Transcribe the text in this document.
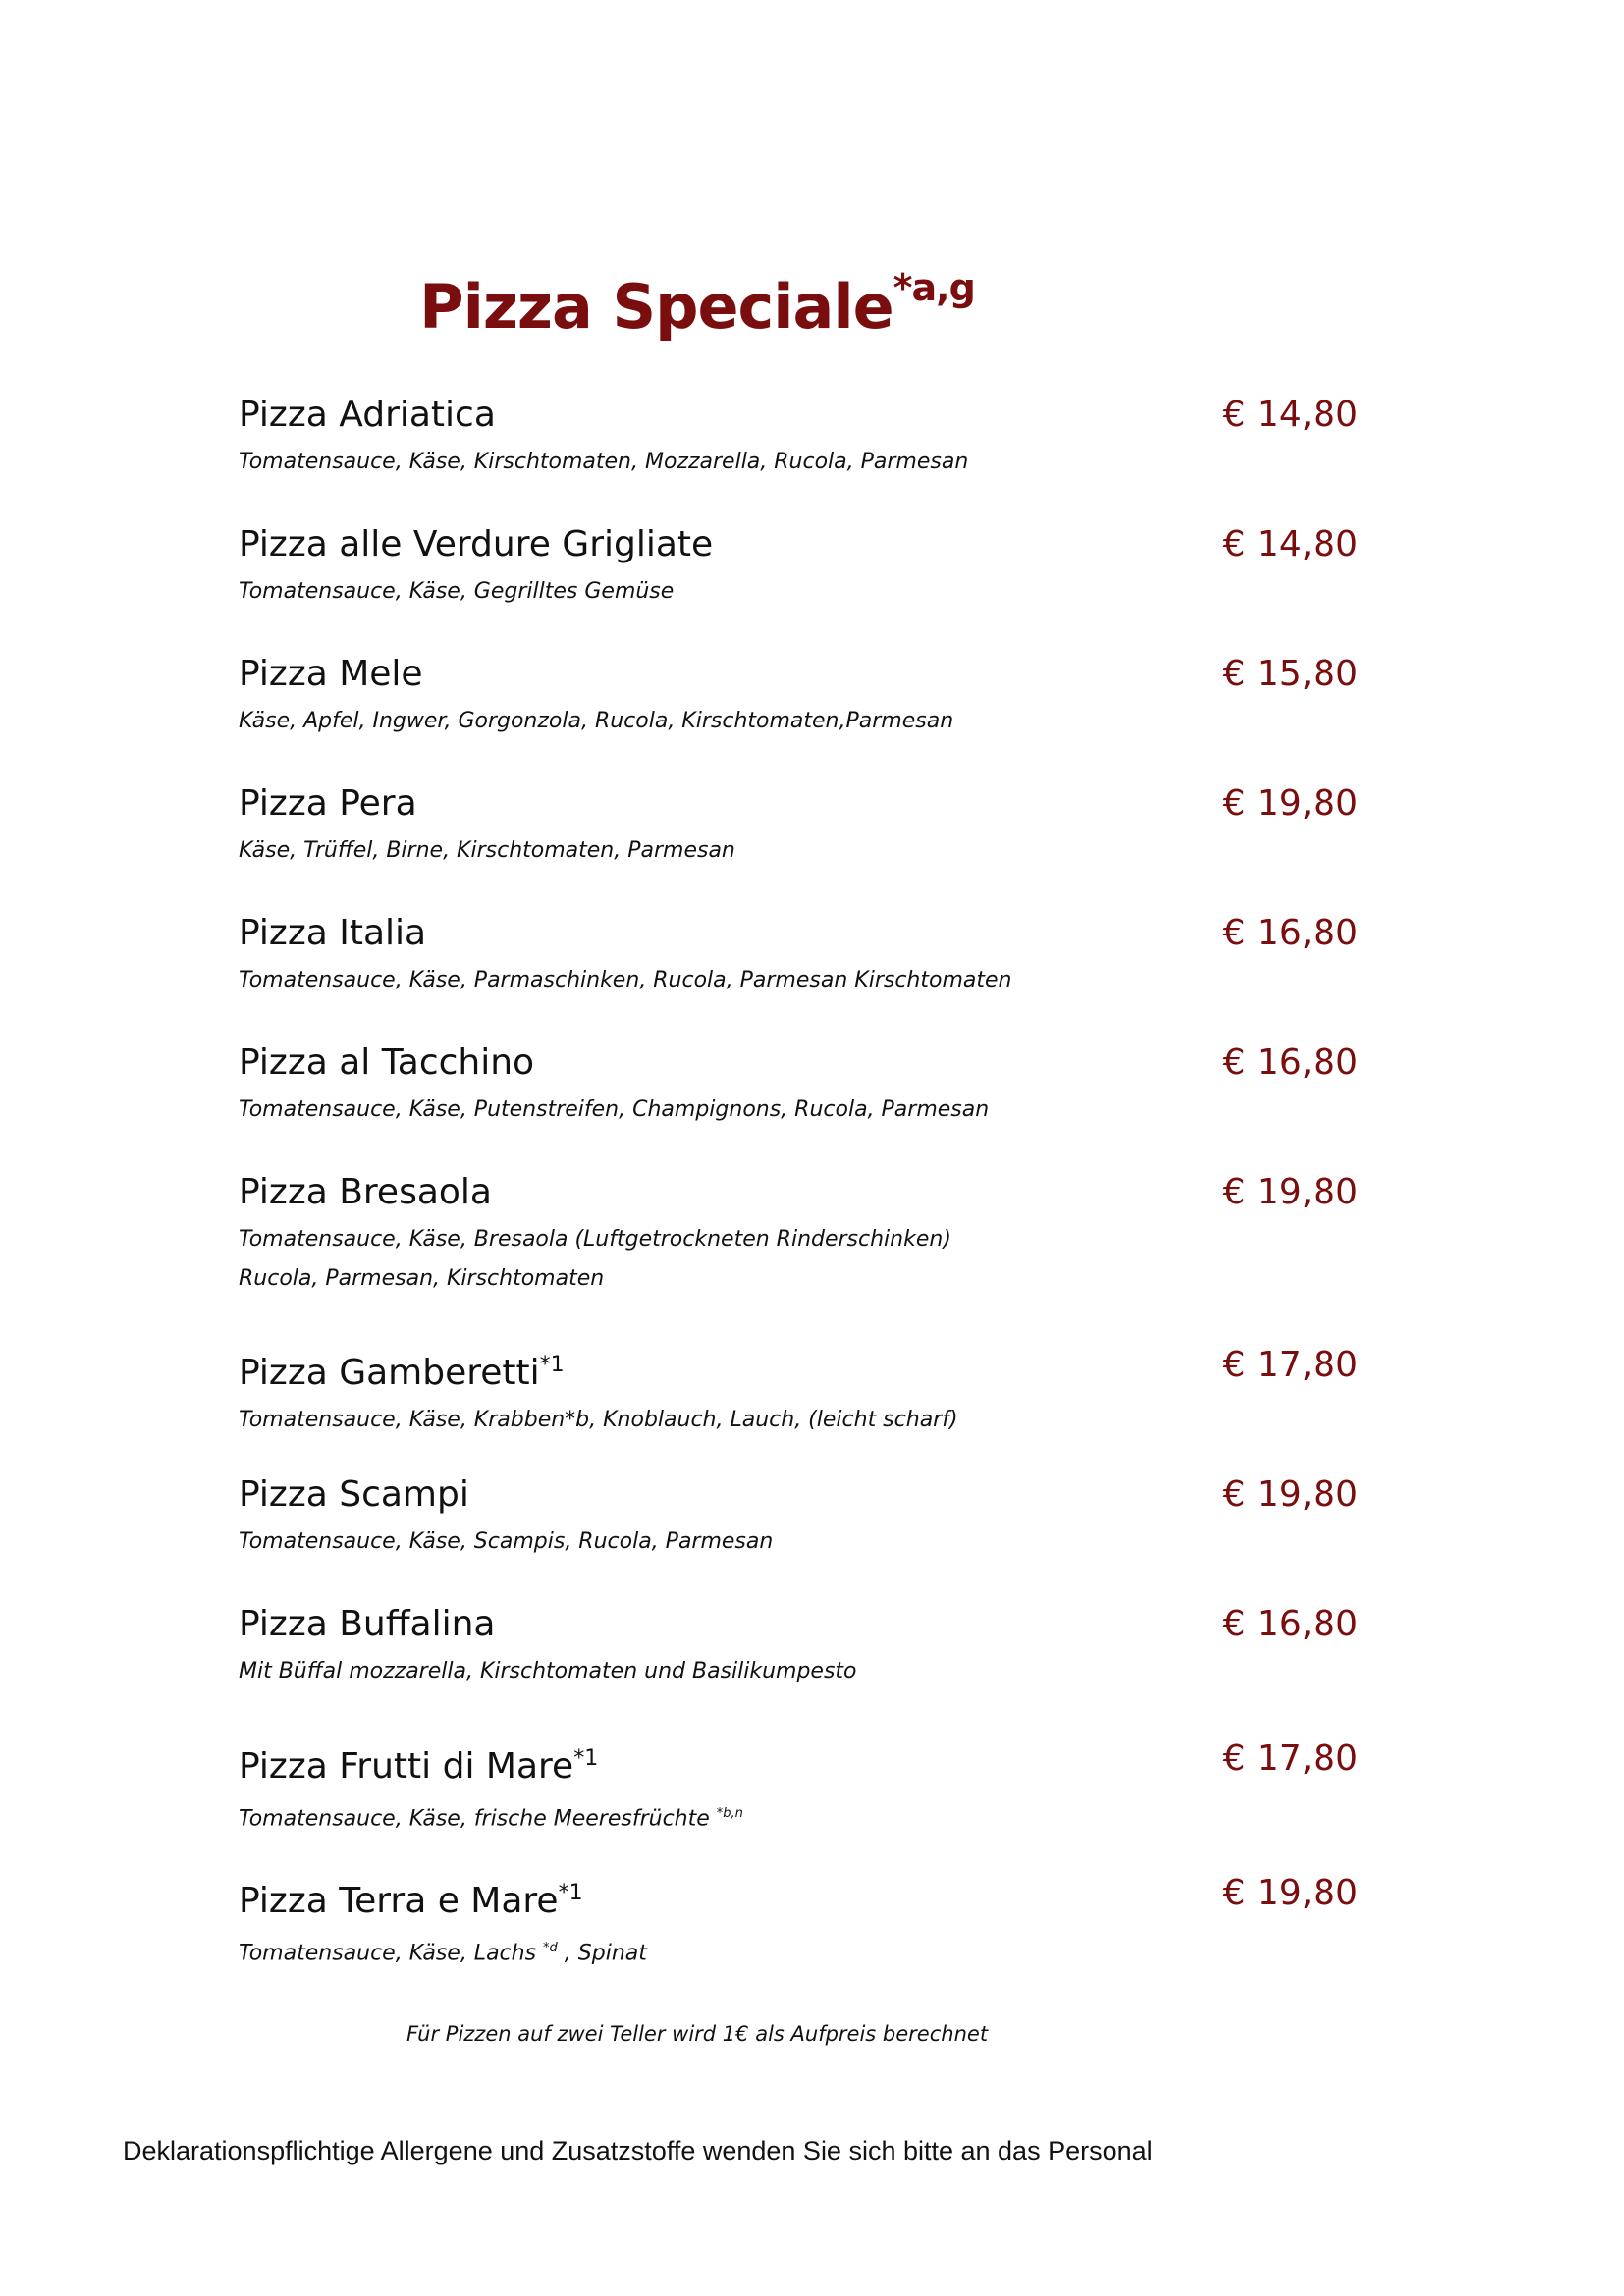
Pizza Speciale$^{*a,g}$
Pizza Adriatica	€ 14,80
Tomatensauce, Käse, Kirschtomaten, Mozzarella, Rucola, Parmesan
Pizza alle Verdure Grigliate	€ 14,80
Tomatensauce, Käse, Gegrilltes Gemüse
Pizza Mele	€ 15,80
Käse, Apfel, Ingwer, Gorgonzola, Rucola, Kirschtomaten,Parmesan
Pizza Pera	€ 19,80
Käse, Trüffel, Birne, Kirschtomaten, Parmesan
Pizza Italia	€ 16,80
Tomatensauce, Käse, Parmaschinken, Rucola, Parmesan Kirschtomaten
Pizza al Tacchino	€ 16,80
Tomatensauce, Käse, Putenstreifen, Champignons, Rucola, Parmesan
Pizza Bresaola	€ 19,80
Tomatensauce, Käse, Bresaola (Luftgetrockneten Rinderschinken)
Rucola, Parmesan, Kirschtomaten
Pizza Gamberetti$^{*1}$	€ 17,80
Tomatensauce, Käse, Krabben*b, Knoblauch, Lauch, (leicht scharf)
Pizza Scampi	€ 19,80
Tomatensauce, Käse, Scampis, Rucola, Parmesan
Pizza Buffalina	€ 16,80
Mit Büffal mozzarella, Kirschtomaten und Basilikumpesto
Pizza Frutti di Mare$^{*1}$	€ 17,80
Tomatensauce, Käse, frische Meeresfrüchte $^{*b,n}$
Pizza Terra e Mare$^{*1}$	€ 19,80
Tomatensauce, Käse, Lachs $^{*d}$ , Spinat
Für Pizzen auf zwei Teller wird 1€ als Aufpreis berechnet
Deklarationspflichtige Allergene und Zusatzstoffe wenden Sie sich bitte an das Personal
